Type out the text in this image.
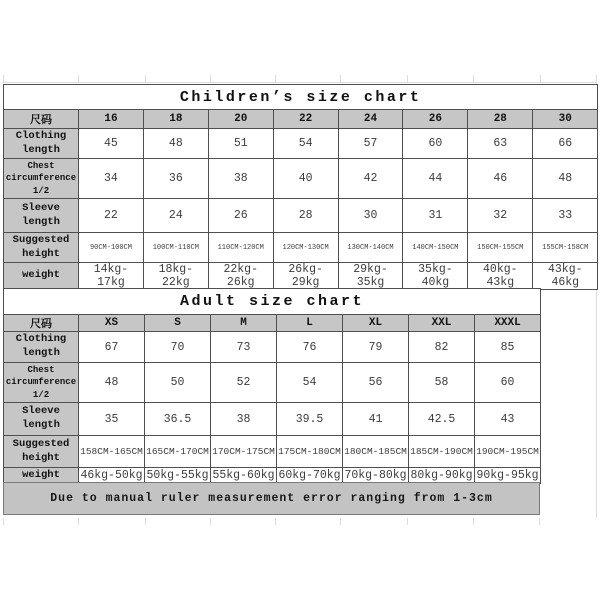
Children’s size chart								
尺码	16	18	20	22	24	26	28	30
Clothing length	45	48	51	54	57	60	63	66
Chest circumference 1/2	34	36	38	40	42	44	46	48
Sleeve length	22	24	26	28	30	31	32	33
Suggested height	90CM-100CM	100CM-110CM	110CM-120CM	120CM-130CM	130CM-140CM	140CM-150CM	150CM-155CM	155CM-158CM
weight	14kg-17kg	18kg-22kg	22kg-26kg	26kg-29kg	29kg-35kg	35kg-40kg	40kg-43kg	43kg-46kg
Adult size chart							
尺码	XS	S	M	L	XL	XXL	XXXL
Clothing length	67	70	73	76	79	82	85
Chest circumference 1/2	48	50	52	54	56	58	60
Sleeve length	35	36.5	38	39.5	41	42.5	43
Suggested height	158CM-165CM	165CM-170CM	170CM-175CM	175CM-180CM	180CM-185CM	185CM-190CM	190CM-195CM
weight	46kg-50kg	50kg-55kg	55kg-60kg	60kg-70kg	70kg-80kg	80kg-90kg	90kg-95kg
Due to manual ruler measurement error ranging from 1-3cm
